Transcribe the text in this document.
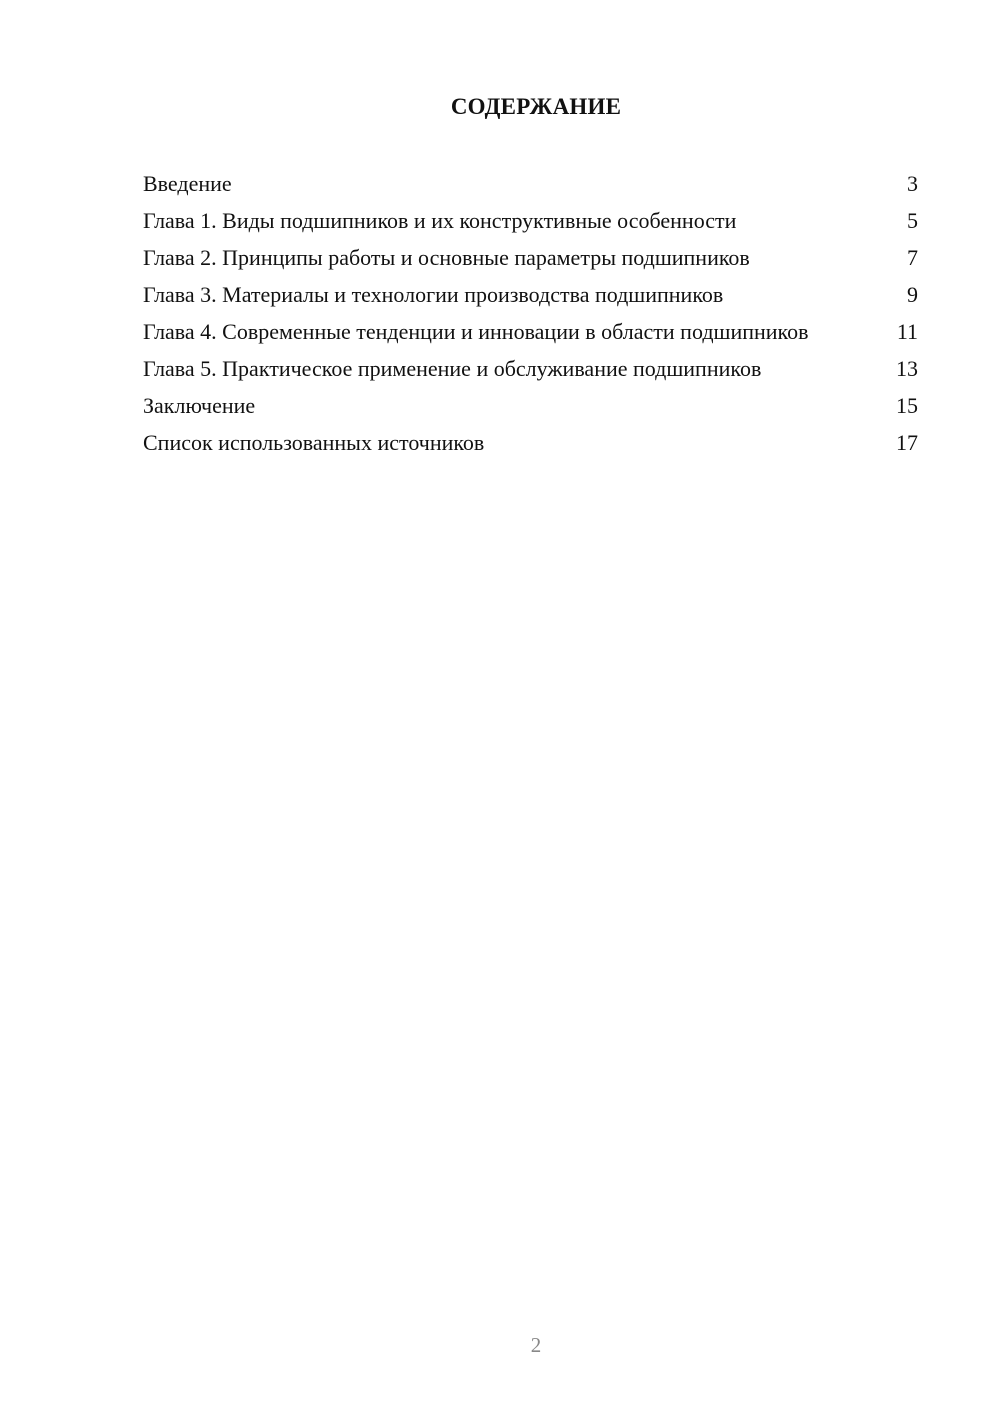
СОДЕРЖАНИЕ
Введение	3
Глава 1. Виды подшипников и их конструктивные особенности	5
Глава 2. Принципы работы и основные параметры подшипников	7
Глава 3. Материалы и технологии производства подшипников	9
Глава 4. Современные тенденции и инновации в области подшипников	11
Глава 5. Практическое применение и обслуживание подшипников	13
Заключение	15
Список использованных источников	17
2
